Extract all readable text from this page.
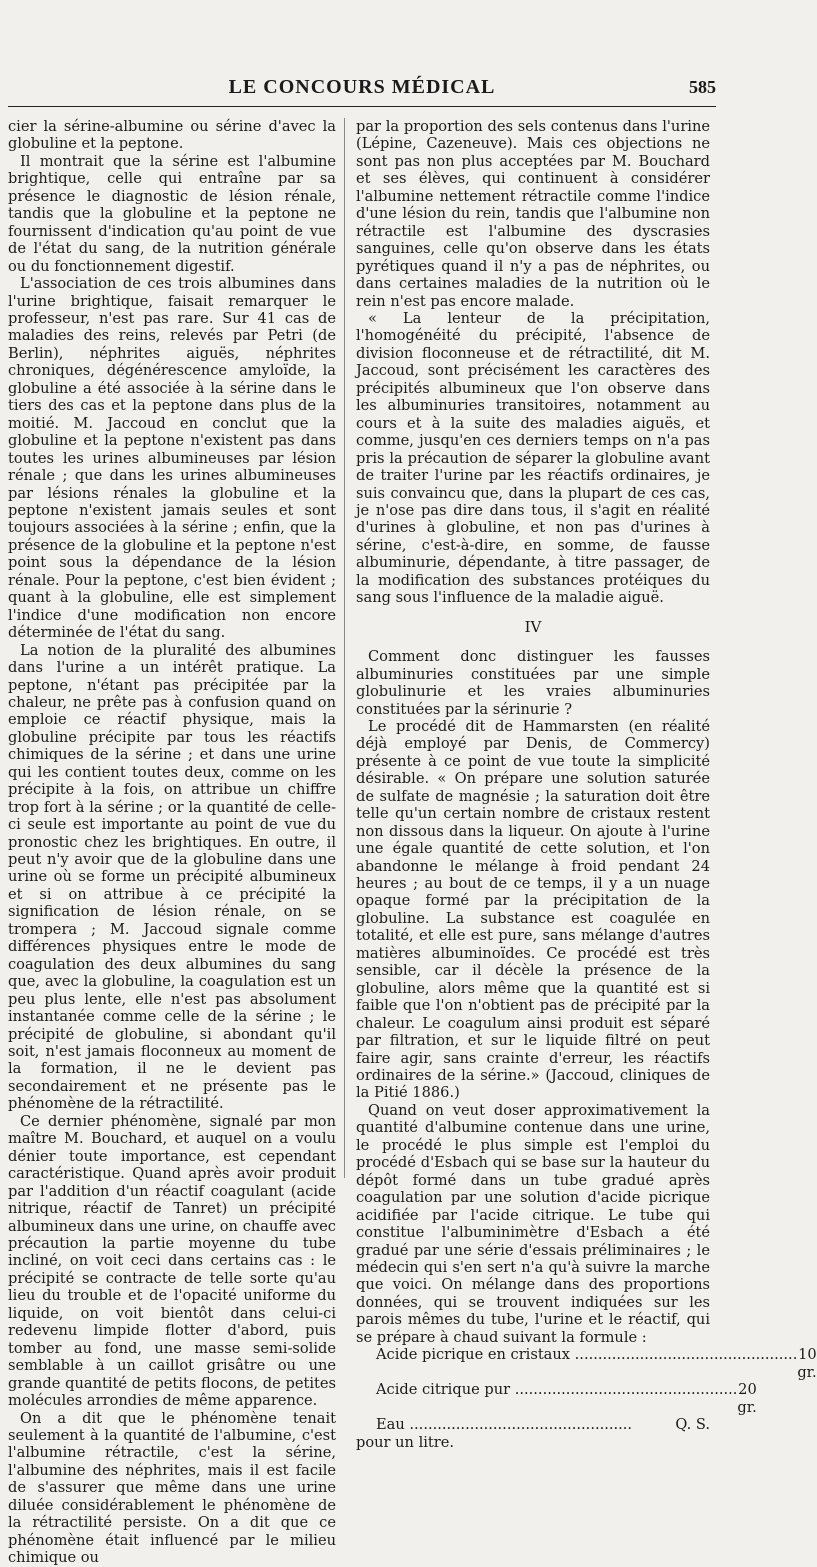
LE CONCOURS MÉDICAL	585

cier la sérine-albumine ou sérine d'avec la globuline et la peptone.

Il montrait que la sérine est l'albumine brightique, celle qui entraîne par sa présence le diagnostic de lésion rénale, tandis que la globuline et la peptone ne fournissent d'indication qu'au point de vue de l'état du sang, de la nutrition générale ou du fonctionnement digestif.

L'association de ces trois albumines dans l'urine brightique, faisait remarquer le professeur, n'est pas rare. Sur 41 cas de maladies des reins, relevés par Petri (de Berlin), néphrites aiguës, néphrites chroniques, dégénérescence amyloïde, la globuline a été associée à la sérine dans le tiers des cas et la peptone dans plus de la moitié. M. Jaccoud en conclut que la globuline et la peptone n'existent pas dans toutes les urines albumineuses par lésion rénale ; que dans les urines albumineuses par lésions rénales la globuline et la peptone n'existent jamais seules et sont toujours associées à la sérine ; enfin, que la présence de la globuline et la peptone n'est point sous la dépendance de la lésion rénale. Pour la peptone, c'est bien évident ; quant à la globuline, elle est simplement l'indice d'une modification non encore déterminée de l'état du sang.

La notion de la pluralité des albumines dans l'urine a un intérêt pratique. La peptone, n'étant pas précipitée par la chaleur, ne prête pas à confusion quand on emploie ce réactif physique, mais la globuline précipite par tous les réactifs chimiques de la sérine ; et dans une urine qui les contient toutes deux, comme on les précipite à la fois, on attribue un chiffre trop fort à la sérine ; or la quantité de celle-ci seule est importante au point de vue du pronostic chez les brightiques. En outre, il peut n'y avoir que de la globuline dans une urine où se forme un précipité albumineux et si on attribue à ce précipité la signification de lésion rénale, on se trompera ; M. Jaccoud signale comme différences physiques entre le mode de coagulation des deux albumines du sang que, avec la globuline, la coagulation est un peu plus lente, elle n'est pas absolument instantanée comme celle de la sérine ; le précipité de globuline, si abondant qu'il soit, n'est jamais floconneux au moment de la formation, il ne le devient pas secondairement et ne présente pas le phénomène de la rétractilité.

Ce dernier phénomène, signalé par mon maître M. Bouchard, et auquel on a voulu dénier toute importance, est cependant caractéristique. Quand après avoir produit par l'addition d'un réactif coagulant (acide nitrique, réactif de Tanret) un précipité albumineux dans une urine, on chauffe avec précaution la partie moyenne du tube incliné, on voit ceci dans certains cas : le précipité se contracte de telle sorte qu'au lieu du trouble et de l'opacité uniforme du liquide, on voit bientôt dans celui-ci redevenu limpide flotter d'abord, puis tomber au fond, une masse semi-solide semblable à un caillot grisâtre ou une grande quantité de petits flocons, de petites molécules arrondies de même apparence.

On a dit que le phénomène tenait seulement à la quantité de l'albumine, c'est l'albumine rétractile, c'est la sérine, l'albumine des néphrites, mais il est facile de s'assurer que même dans une urine diluée considérablement le phénomène de la rétractilité persiste. On a dit que ce phénomène était influencé par le milieu chimique ou

par la proportion des sels contenus dans l'urine (Lépine, Cazeneuve). Mais ces objections ne sont pas non plus acceptées par M. Bouchard et ses élèves, qui continuent à considérer l'albumine nettement rétractile comme l'indice d'une lésion du rein, tandis que l'albumine non rétractile est l'albumine des dyscrasies sanguines, celle qu'on observe dans les états pyrétiques quand il n'y a pas de néphrites, ou dans certaines maladies de la nutrition où le rein n'est pas encore malade.

« La lenteur de la précipitation, l'homogénéité du précipité, l'absence de division floconneuse et de rétractilité, dit M. Jaccoud, sont précisément les caractères des précipités albumineux que l'on observe dans les albuminuries transitoires, notamment au cours et à la suite des maladies aiguës, et comme, jusqu'en ces derniers temps on n'a pas pris la précaution de séparer la globuline avant de traiter l'urine par les réactifs ordinaires, je suis convaincu que, dans la plupart de ces cas, je n'ose pas dire dans tous, il s'agit en réalité d'urines à globuline, et non pas d'urines à sérine, c'est-à-dire, en somme, de fausse albuminurie, dépendante, à titre passager, de la modification des substances protéiques du sang sous l'influence de la maladie aiguë.

IV

Comment donc distinguer les fausses albuminuries constituées par une simple globulinurie et les vraies albuminuries constituées par la sérinurie ?

Le procédé dit de Hammarsten (en réalité déjà employé par Denis, de Commercy) présente à ce point de vue toute la simplicité désirable. « On prépare une solution saturée de sulfate de magnésie ; la saturation doit être telle qu'un certain nombre de cristaux restent non dissous dans la liqueur. On ajoute à l'urine une égale quantité de cette solution, et l'on abandonne le mélange à froid pendant 24 heures ; au bout de ce temps, il y a un nuage opaque formé par la précipitation de la globuline. La substance est coagulée en totalité, et elle est pure, sans mélange d'autres matières albuminoïdes. Ce procédé est très sensible, car il décèle la présence de la globuline, alors même que la quantité est si faible que l'on n'obtient pas de précipité par la chaleur. Le coagulum ainsi produit est séparé par filtration, et sur le liquide filtré on peut faire agir, sans crainte d'erreur, les réactifs ordinaires de la sérine.» (Jaccoud, cliniques de la Pitié 1886.)

Quand on veut doser approximativement la quantité d'albumine contenue dans une urine, le procédé le plus simple est l'emploi du procédé d'Esbach qui se base sur la hauteur du dépôt formé dans un tube gradué après coagulation par une solution d'acide picrique acidifiée par l'acide citrique. Le tube qui constitue l'albuminimètre d'Esbach a été gradué par une série d'essais préliminaires ; le médecin qui s'en sert n'a qu'à suivre la marche que voici. On mélange dans des proportions données, qui se trouvent indiquées sur les parois mêmes du tube, l'urine et le réactif, qui se prépare à chaud suivant la formule :

Acide picrique en cristaux .....	10 gr.
Acide citrique pur .....	20 gr.
Eau .....	Q. S.

pour un litre.
